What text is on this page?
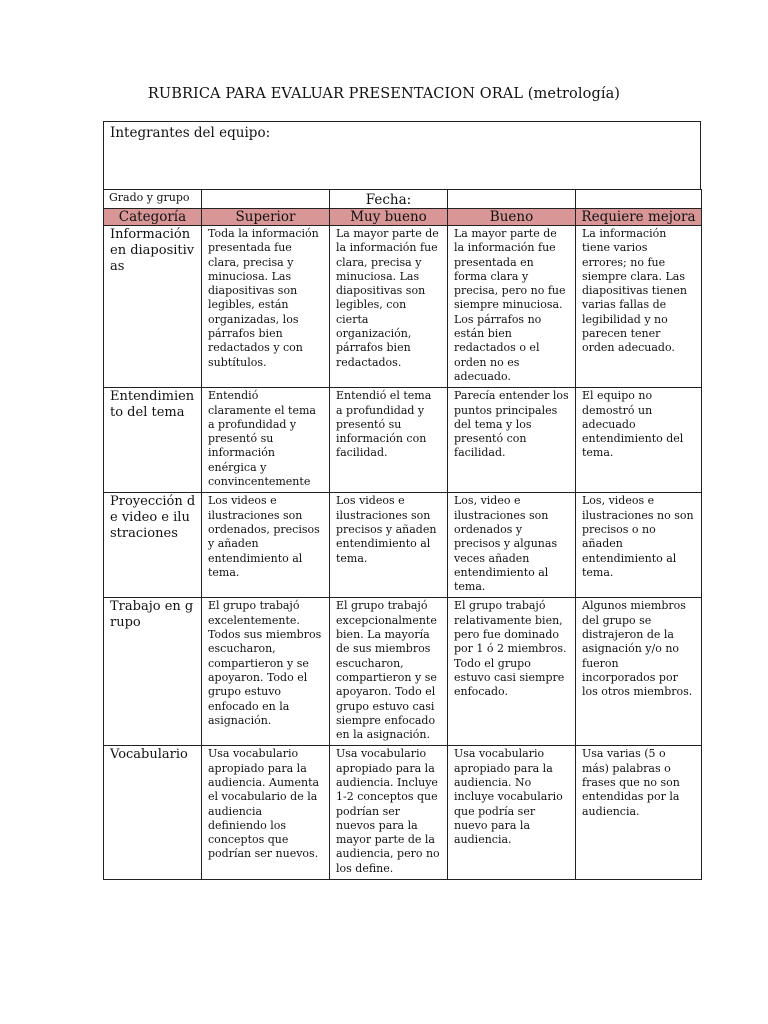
RUBRICA PARA EVALUAR PRESENTACION ORAL (metrología)
Integrantes del equipo:
Grado y grupo		Fecha:		
Categoría	Superior	Muy bueno	Bueno	Requiere mejora
Información en diapositivas	Toda la información presentada fue clara, precisa y minuciosa. Las diapositivas son legibles, están organizadas, los párrafos bien redactados y con subtítulos.	La mayor parte de la información fue clara, precisa y minuciosa. Las diapositivas son legibles, con cierta organización, párrafos bien redactados.	La mayor parte de la información fue presentada en forma clara y precisa, pero no fue siempre minuciosa. Los párrafos no están bien redactados o el orden no es adecuado.	La información tiene varios errores; no fue siempre clara. Las diapositivas tienen varias fallas de legibilidad y no parecen tener orden adecuado.
Entendimiento del tema	Entendió claramente el tema a profundidad y presentó su información enérgica y convincentemente	Entendió el tema a profundidad y presentó su información con facilidad.	Parecía entender los puntos principales del tema y los presentó con facilidad.	El equipo no demostró un adecuado entendimiento del tema.
Proyección de video e ilustraciones	Los videos e ilustraciones son ordenados, precisos y añaden entendimiento al tema.	Los videos e ilustraciones son precisos y añaden entendimiento al tema.	Los, video e ilustraciones son ordenados y precisos y algunas veces añaden entendimiento al tema.	Los, videos e ilustraciones no son precisos o no añaden entendimiento al tema.
Trabajo en grupo	El grupo trabajó excelentemente. Todos sus miembros escucharon, compartieron y se apoyaron. Todo el grupo estuvo enfocado en la asignación.	El grupo trabajó excepcionalmente bien. La mayoría de sus miembros escucharon, compartieron y se apoyaron. Todo el grupo estuvo casi siempre enfocado en la asignación.	El grupo trabajó relativamente bien, pero fue dominado por 1 ó 2 miembros. Todo el grupo estuvo casi siempre enfocado.	Algunos miembros del grupo se distrajeron de la asignación y/o no fueron incorporados por los otros miembros.
Vocabulario	Usa vocabulario apropiado para la audiencia. Aumenta el vocabulario de la audiencia definiendo los conceptos que podrían ser nuevos.	Usa vocabulario apropiado para la audiencia. Incluye 1-2 conceptos que podrían ser nuevos para la mayor parte de la audiencia, pero no los define.	Usa vocabulario apropiado para la audiencia. No incluye vocabulario que podría ser nuevo para la audiencia.	Usa varias (5 o más) palabras o frases que no son entendidas por la audiencia.
